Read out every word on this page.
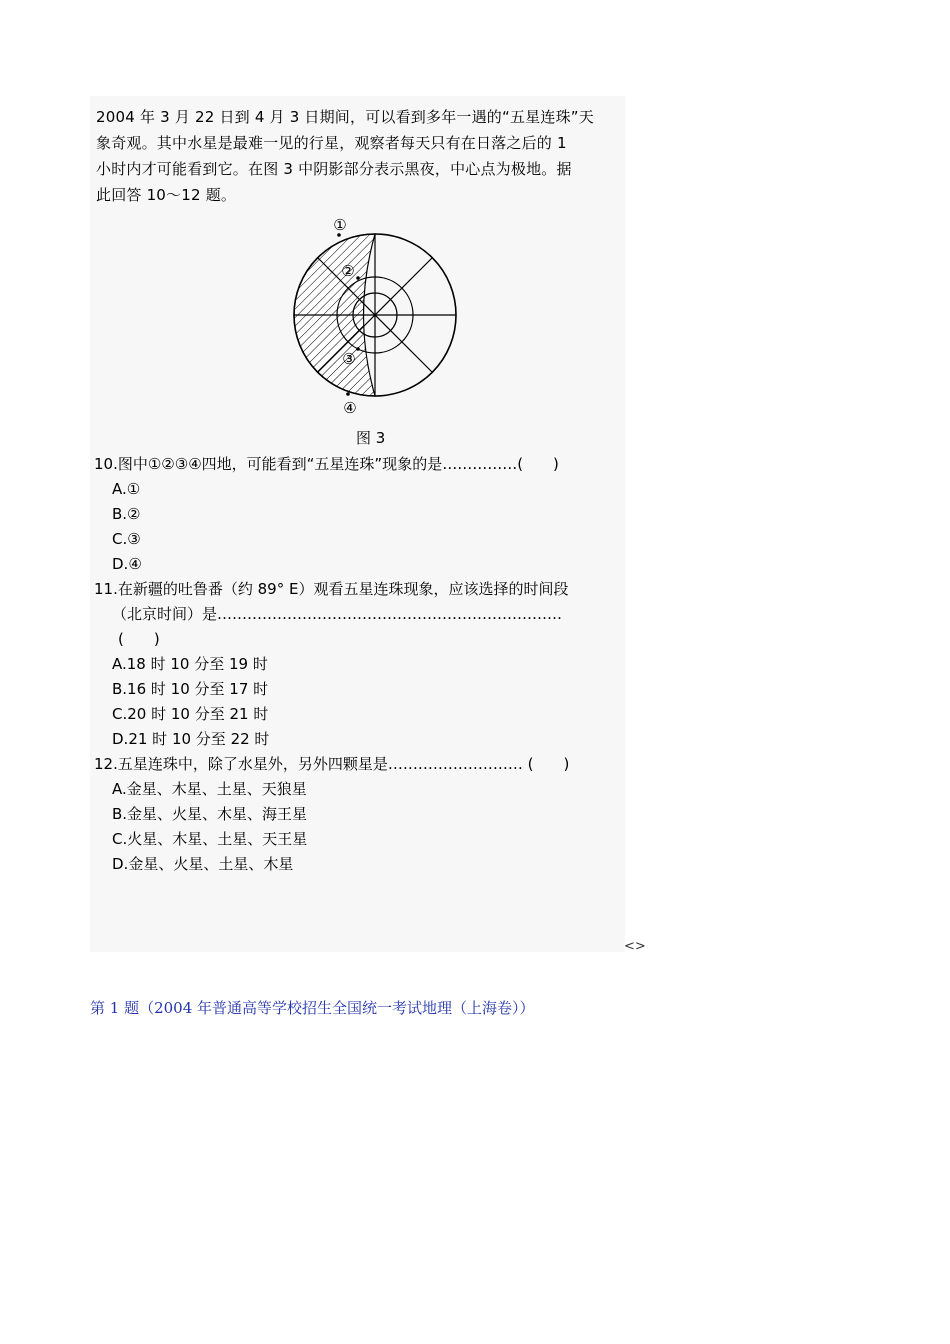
2004 年 3 月 22 日到 4 月 3 日期间，可以看到多年一遇的“五星连珠”天
象奇观。其中水星是最难一见的行星，观察者每天只有在日落之后的 1
小时内才可能看到它。在图 3 中阴影部分表示黑夜，中心点为极地。据
此回答 10～12 题。
①
②
③
④
图 3
10.图中①②③④四地，可能看到“五星连珠”现象的是……………(　　)
A.①
B.②
C.③
D.④
11.在新疆的吐鲁番（约 89° E）观看五星连珠现象，应该选择的时间段
（北京时间）是……………………………………………………………
(　　)
A.18 时 10 分至 19 时
B.16 时 10 分至 17 时
C.20 时 10 分至 21 时
D.21 时 10 分至 22 时
12.五星连珠中，除了水星外，另外四颗星是……………………… (　　)
A.金星、木星、土星、天狼星
B.金星、火星、木星、海王星
C.火星、木星、土星、天王星
D.金星、火星、土星、木星
<>
第 1 题（2004 年普通高等学校招生全国统一考试地理（上海卷））
